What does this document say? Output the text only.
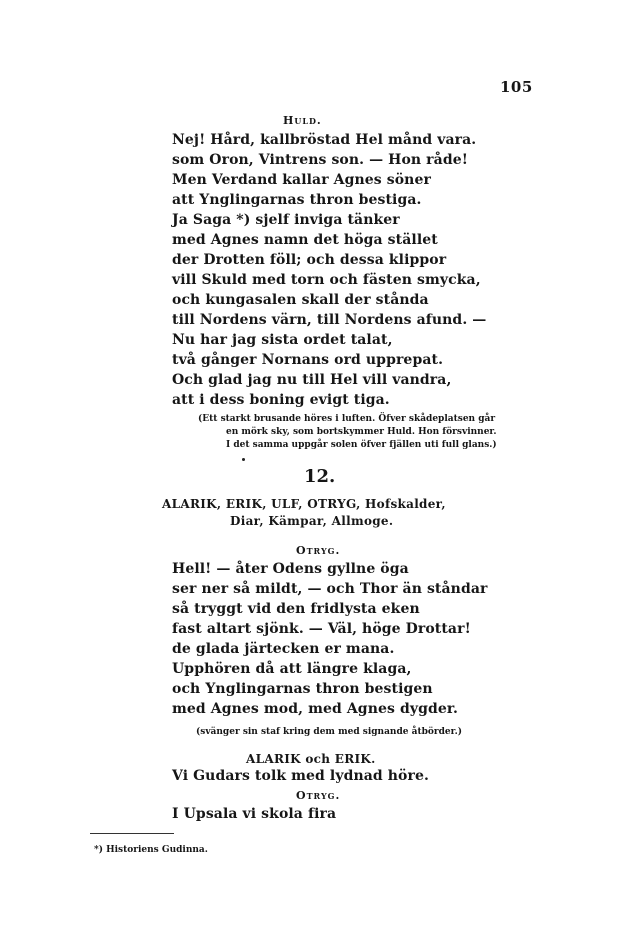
105
Huld.
Nej! Hård, kallbröstad Hel månd vara.
som Oron, Vintrens son. — Hon råde!
Men Verdand kallar Agnes söner
att Ynglingarnas thron bestiga.
Ja Saga *) sjelf inviga tänker
med Agnes namn det höga stället
der Drotten föll; och dessa klippor
vill Skuld med torn och fästen smycka,
och kungasalen skall der stånda
till Nordens värn, till Nordens afund. —
Nu har jag sista ordet talat,
två gånger Nornans ord upprepat.
Och glad jag nu till Hel vill vandra,
att i dess boning evigt tiga.
(Ett starkt brusande höres i luften. Öfver skådeplatsen går
en mörk sky, som bortskymmer Huld. Hon försvinner.
I det samma uppgår solen öfver fjällen uti full glans.)
12.
ALARIK, ERIK, ULF, OTRYG, Hofskalder,
Diar, Kämpar, Allmoge.
Otryg.
Hell! — åter Odens gyllne öga
ser ner så mildt, — och Thor än ståndar
så tryggt vid den fridlysta eken
fast altart sjönk. — Väl, höge Drottar!
de glada järtecken er mana.
Upphören då att längre klaga,
och Ynglingarnas thron bestigen
med Agnes mod, med Agnes dygder.
(svänger sin staf kring dem med signande åtbörder.)
ALARIK och ERIK.
Vi Gudars tolk med lydnad höre.
Otryg.
I Upsala vi skola fira
*) Historiens Gudinna.
